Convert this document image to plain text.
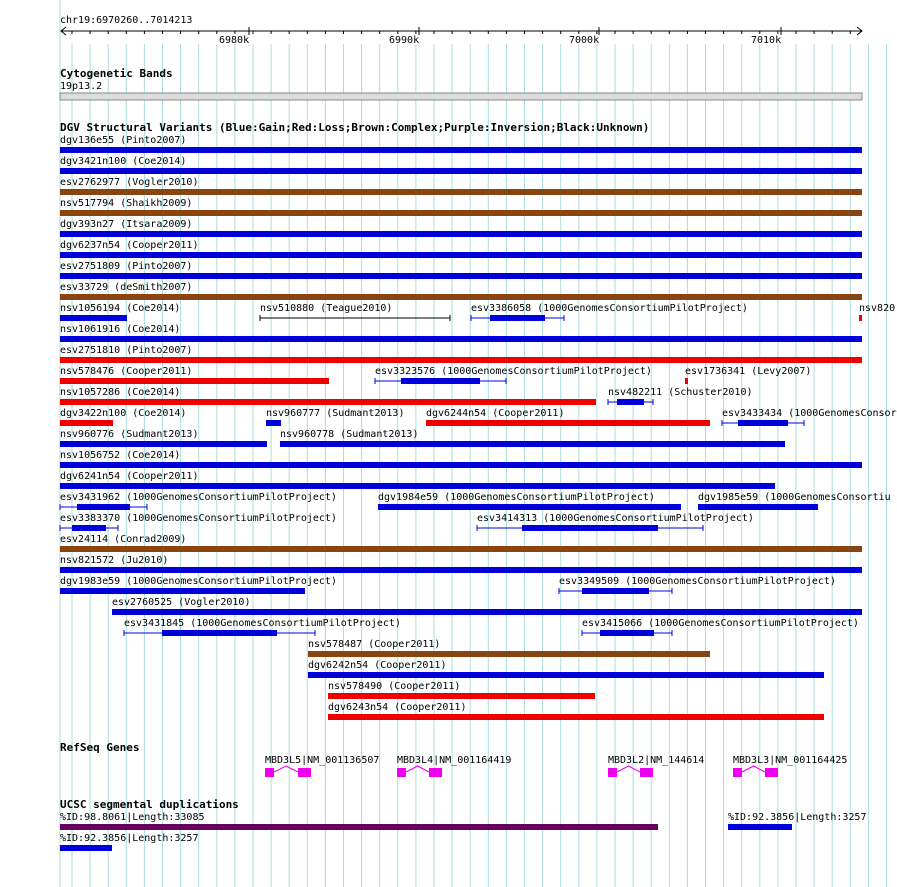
chr19:6970260..7014213
Cytogenetic Bands
19p13.2
DGV Structural Variants (Blue:Gain;Red:Loss;Brown:Complex;Purple:Inversion;Black:Unknown)
RefSeq Genes
UCSC segmental duplications
6980k	6990k	7000k	7010k
dgv136e55 (Pinto2007)
dgv3421n100 (Coe2014)
esv2762977 (Vogler2010)
nsv517794 (Shaikh2009)
dgv393n27 (Itsara2009)
dgv6237n54 (Cooper2011)
esv2751809 (Pinto2007)
esv33729 (deSmith2007)
nsv1056194 (Coe2014)	nsv510880 (Teague2010)	esv3386058 (1000GenomesConsortiumPilotProject)	nsv820
nsv1061916 (Coe2014)
esv2751810 (Pinto2007)
nsv578476 (Cooper2011)	esv3323576 (1000GenomesConsortiumPilotProject)	esv1736341 (Levy2007)
nsv1057286 (Coe2014)	nsv482211 (Schuster2010)
dgv3422n100 (Coe2014)	nsv960777 (Sudmant2013) dgv6244n54 (Cooper2011)	esv3433434 (1000GenomesConsor
nsv960776 (Sudmant2013)	nsv960778 (Sudmant2013)
nsv1056752 (Coe2014)
dgv6241n54 (Cooper2011)
esv3431962 (1000GenomesConsortiumPilotProject)	dgv1984e59 (1000GenomesConsortiumPilotProject)	dgv1985e59 (1000GenomesConsortiu
esv3383370 (1000GenomesConsortiumPilotProject)	esv3414313 (1000GenomesConsortiumPilotProject)
esv24114 (Conrad2009)
nsv821572 (Ju2010)
dgv1983e59 (1000GenomesConsortiumPilotProject)	esv3349509 (1000GenomesConsortiumPilotProject)
esv2760525 (Vogler2010)
esv3431845 (1000GenomesConsortiumPilotProject)	esv3415066 (1000GenomesConsortiumPilotProject)
nsv578487 (Cooper2011)
dgv6242n54 (Cooper2011)
nsv578490 (Cooper2011)
dgv6243n54 (Cooper2011)
MBD3L5|NM_001136507 MBD3L4|NM_001164419	MBD3L2|NM_144614	MBD3L3|NM_001164425
%ID:98.8061|Length:33085	%ID:92.3856|Length:3257
%ID:92.3856|Length:3257
